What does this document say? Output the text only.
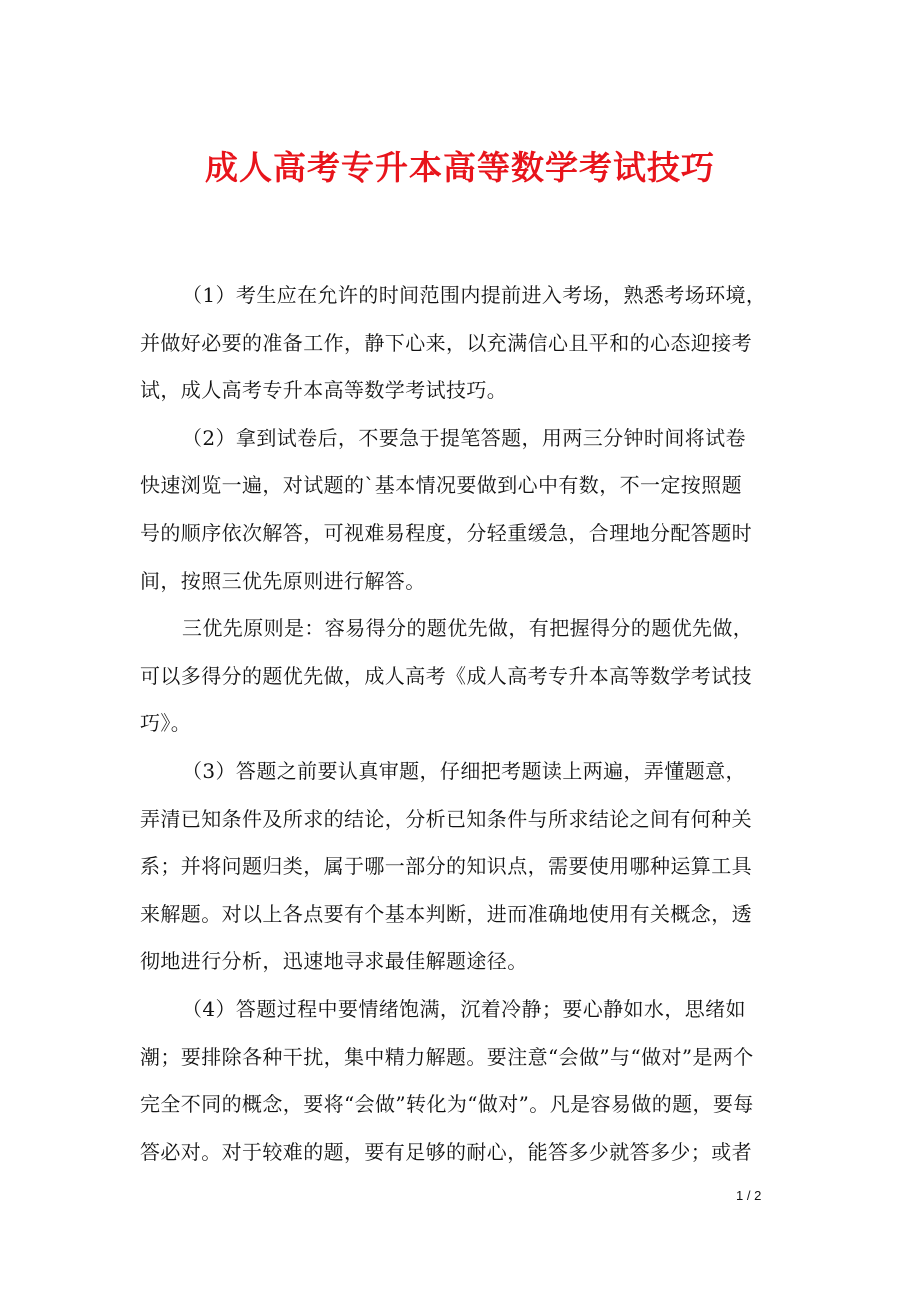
成人高考专升本高等数学考试技巧

（1）考生应在允许的时间范围内提前进入考场，熟悉考场环境，
并做好必要的准备工作，静下心来，以充满信心且平和的心态迎接考
试，成人高考专升本高等数学考试技巧。

（2）拿到试卷后，不要急于提笔答题，用两三分钟时间将试卷
快速浏览一遍，对试题的`基本情况要做到心中有数，不一定按照题
号的顺序依次解答，可视难易程度，分轻重缓急，合理地分配答题时
间，按照三优先原则进行解答。

三优先原则是：容易得分的题优先做，有把握得分的题优先做，
可以多得分的题优先做，成人高考《成人高考专升本高等数学考试技
巧》。

（3）答题之前要认真审题，仔细把考题读上两遍，弄懂题意，
弄清已知条件及所求的结论，分析已知条件与所求结论之间有何种关
系；并将问题归类，属于哪一部分的知识点，需要使用哪种运算工具
来解题。对以上各点要有个基本判断，进而准确地使用有关概念，透
彻地进行分析，迅速地寻求最佳解题途径。

（4）答题过程中要情绪饱满，沉着冷静；要心静如水，思绪如
潮；要排除各种干扰，集中精力解题。要注意“会做”与“做对”是两个
完全不同的概念，要将“会做”转化为“做对”。凡是容易做的题，要每
答必对。对于较难的题，要有足够的耐心，能答多少就答多少；或者

1 / 2
